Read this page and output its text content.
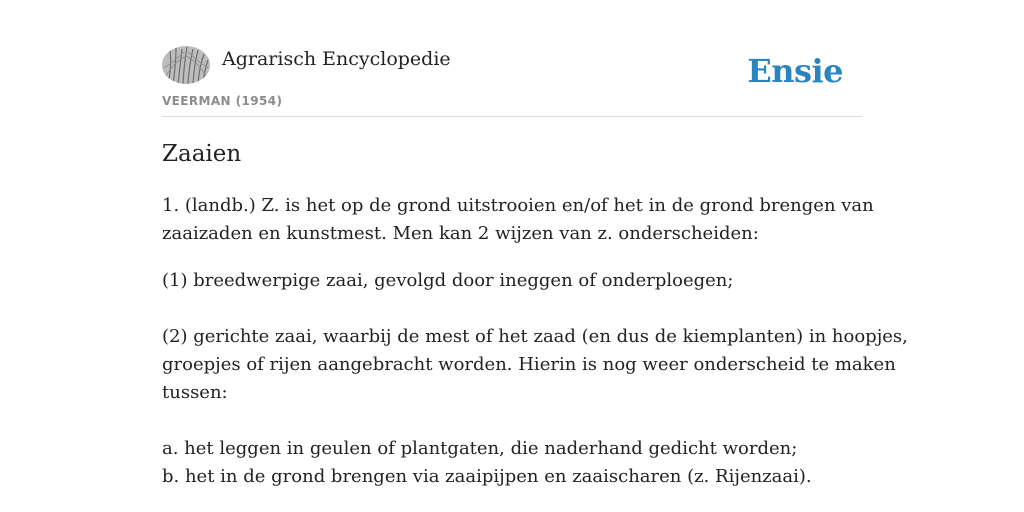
Agrarisch Encyclopedie
VEERMAN (1954)
Ensie
Zaaien

1. (landb.) Z. is het op de grond uitstrooien en/of het in de grond brengen van
zaaizaden en kunstmest. Men kan 2 wijzen van z. onderscheiden:

(1) breedwerpige zaai, gevolgd door ineggen of onderploegen;

(2) gerichte zaai, waarbij de mest of het zaad (en dus de kiemplanten) in hoopjes,
groepjes of rijen aangebracht worden. Hierin is nog weer onderscheid te maken
tussen:

a. het leggen in geulen of plantgaten, die naderhand gedicht worden;
b. het in de grond brengen via zaaipijpen en zaaischaren (z. Rijenzaai).
